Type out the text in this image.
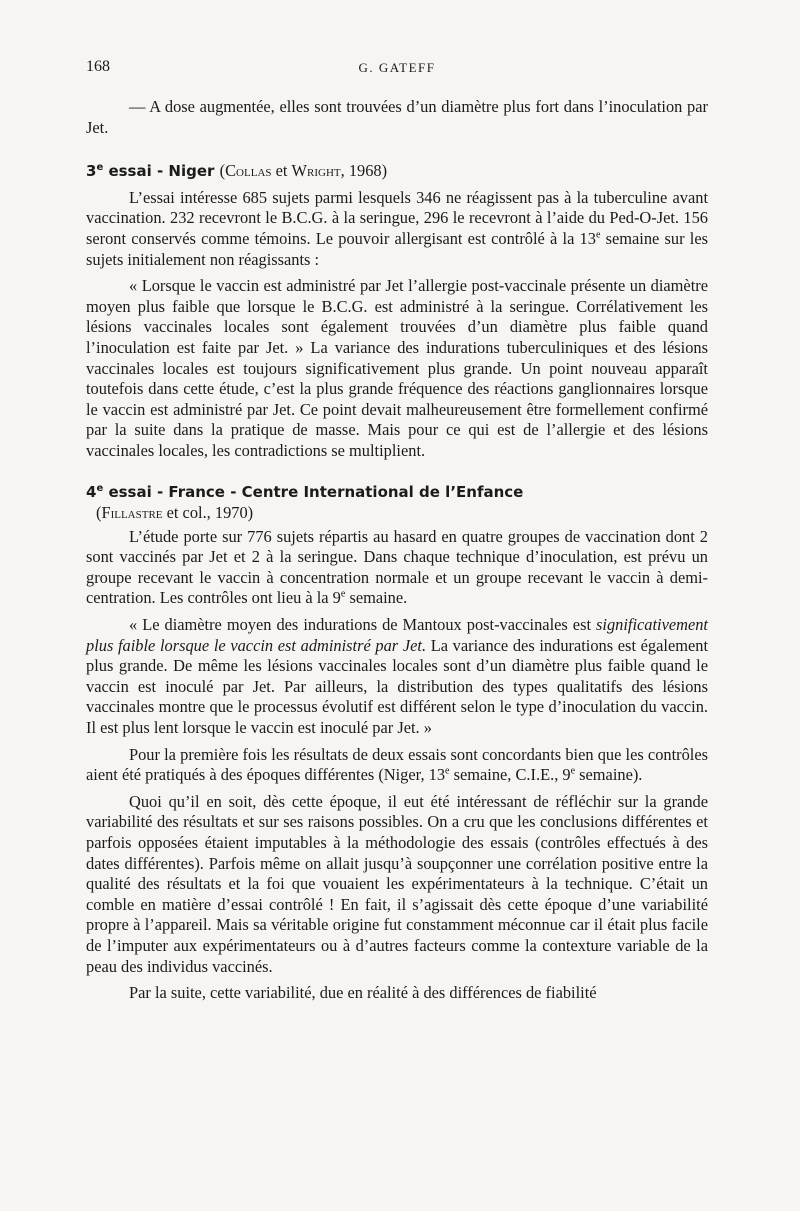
168	G. GATEFF

— A dose augmentée, elles sont trouvées d’un diamètre plus fort dans l’inoculation par Jet.

3e essai - Niger (Collas et Wright, 1968)

L’essai intéresse 685 sujets parmi lesquels 346 ne réagissent pas à la tuberculine avant vaccination. 232 recevront le B.C.G. à la seringue, 296 le recevront à l’aide du Ped-O-Jet. 156 seront conservés comme témoins. Le pouvoir allergisant est contrôlé à la 13e semaine sur les sujets initialement non réagissants :

« Lorsque le vaccin est administré par Jet l’allergie post-vaccinale présente un diamètre moyen plus faible que lorsque le B.C.G. est administré à la seringue. Corrélativement les lésions vaccinales locales sont également trouvées d’un diamètre plus faible quand l’inoculation est faite par Jet. » La variance des indurations tuberculiniques et des lésions vaccinales locales est toujours significativement plus grande. Un point nouveau apparaît toutefois dans cette étude, c’est la plus grande fréquence des réactions ganglionnaires lorsque le vaccin est administré par Jet. Ce point devait malheureusement être formellement confirmé par la suite dans la pratique de masse. Mais pour ce qui est de l’allergie et des lésions vaccinales locales, les contradictions se multiplient.

4e essai - France - Centre International de l’Enfance
(Fillastre et col., 1970)

L’étude porte sur 776 sujets répartis au hasard en quatre groupes de vaccination dont 2 sont vaccinés par Jet et 2 à la seringue. Dans chaque technique d’inoculation, est prévu un groupe recevant le vaccin à concentration normale et un groupe recevant le vaccin à demi-centration. Les contrôles ont lieu à la 9e semaine.

« Le diamètre moyen des indurations de Mantoux post-vaccinales est significativement plus faible lorsque le vaccin est administré par Jet. La variance des indurations est également plus grande. De même les lésions vaccinales locales sont d’un diamètre plus faible quand le vaccin est inoculé par Jet. Par ailleurs, la distribution des types qualitatifs des lésions vaccinales montre que le processus évolutif est différent selon le type d’inoculation du vaccin. Il est plus lent lorsque le vaccin est inoculé par Jet. »

Pour la première fois les résultats de deux essais sont concordants bien que les contrôles aient été pratiqués à des époques différentes (Niger, 13e semaine, C.I.E., 9e semaine).

Quoi qu’il en soit, dès cette époque, il eut été intéressant de réfléchir sur la grande variabilité des résultats et sur ses raisons possibles. On a cru que les conclusions différentes et parfois opposées étaient imputables à la méthodologie des essais (contrôles effectués à des dates différentes). Parfois même on allait jusqu’à soupçonner une corrélation positive entre la qualité des résultats et la foi que vouaient les expérimentateurs à la technique. C’était un comble en matière d’essai contrôlé ! En fait, il s’agissait dès cette époque d’une variabilité propre à l’appareil. Mais sa véritable origine fut constamment méconnue car il était plus facile de l’imputer aux expérimentateurs ou à d’autres facteurs comme la contexture variable de la peau des individus vaccinés.

Par la suite, cette variabilité, due en réalité à des différences de fiabilité
